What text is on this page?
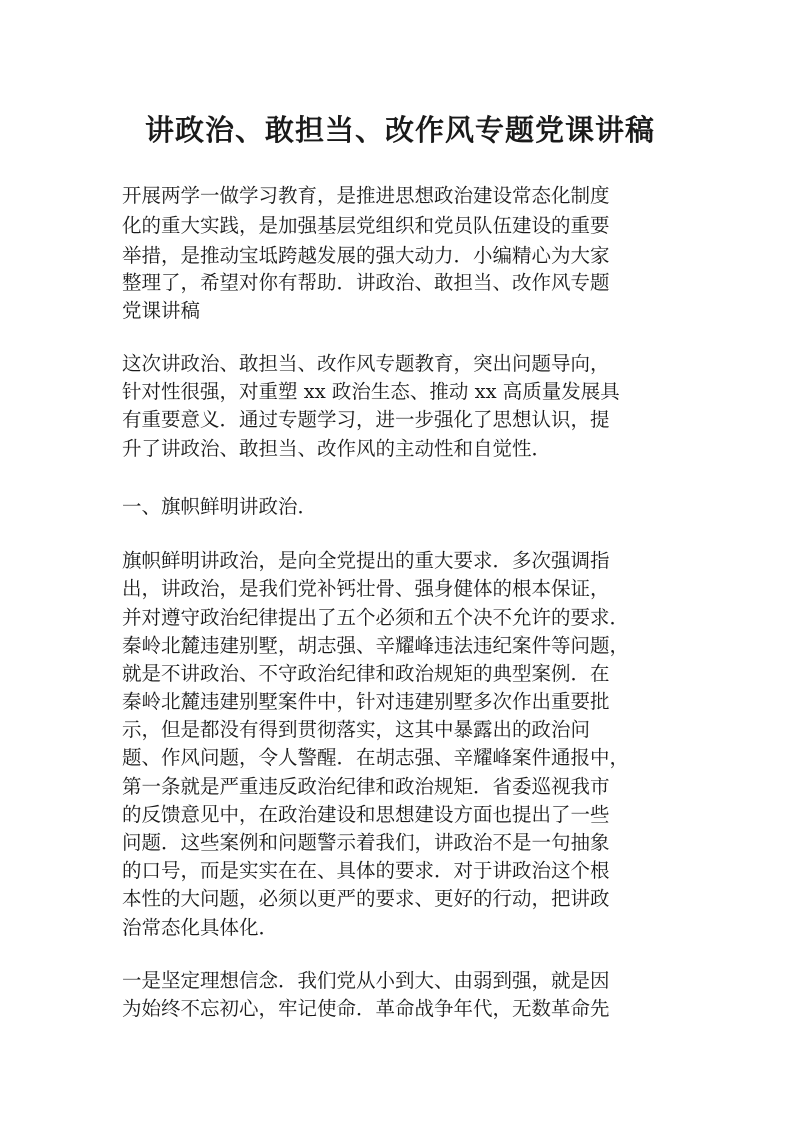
讲政治、敢担当、改作风专题党课讲稿

开展两学一做学习教育，是推进思想政治建设常态化制度

化的重大实践，是加强基层党组织和党员队伍建设的重要

举措，是推动宝坻跨越发展的强大动力．小编精心为大家

整理了，希望对你有帮助．讲政治、敢担当、改作风专题

党课讲稿

这次讲政治、敢担当、改作风专题教育，突出问题导向，

针对性很强，对重塑 xx 政治生态、推动 xx 高质量发展具

有重要意义．通过专题学习，进一步强化了思想认识，提

升了讲政治、敢担当、改作风的主动性和自觉性．

一、旗帜鲜明讲政治．

旗帜鲜明讲政治，是向全党提出的重大要求．多次强调指

出，讲政治，是我们党补钙壮骨、强身健体的根本保证，

并对遵守政治纪律提出了五个必须和五个决不允许的要求．

秦岭北麓违建别墅，胡志强、辛耀峰违法违纪案件等问题，

就是不讲政治、不守政治纪律和政治规矩的典型案例．在

秦岭北麓违建别墅案件中，针对违建别墅多次作出重要批

示，但是都没有得到贯彻落实，这其中暴露出的政治问

题、作风问题，令人警醒．在胡志强、辛耀峰案件通报中，

第一条就是严重违反政治纪律和政治规矩．省委巡视我市

的反馈意见中，在政治建设和思想建设方面也提出了一些

问题．这些案例和问题警示着我们，讲政治不是一句抽象

的口号，而是实实在在、具体的要求．对于讲政治这个根

本性的大问题，必须以更严的要求、更好的行动，把讲政

治常态化具体化．

一是坚定理想信念．我们党从小到大、由弱到强，就是因

为始终不忘初心，牢记使命．革命战争年代，无数革命先
